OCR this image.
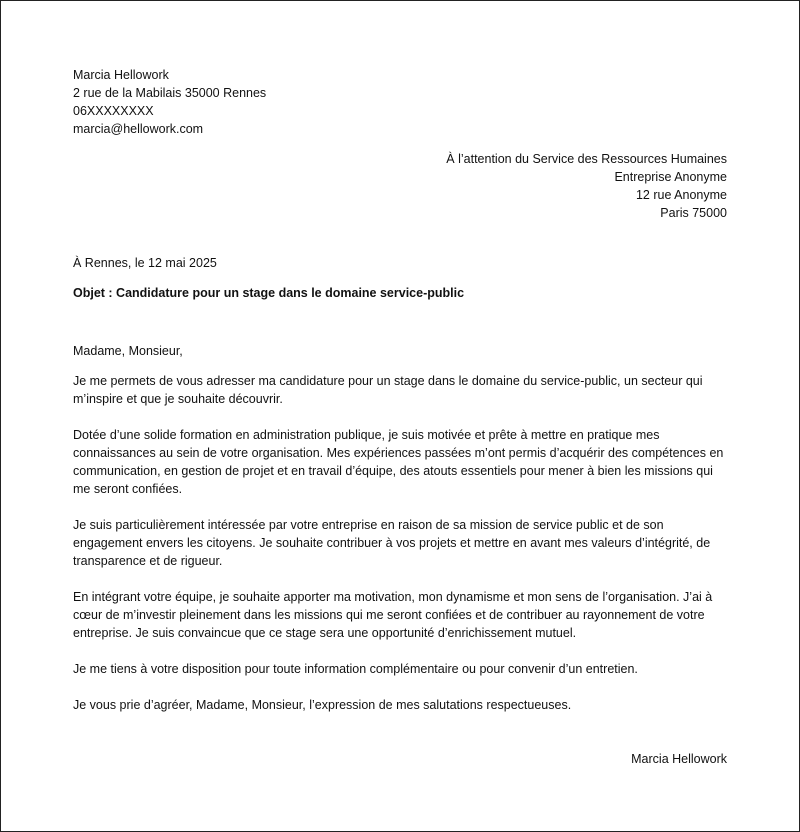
Marcia Hellowork
2 rue de la Mabilais 35000 Rennes
06XXXXXXXX
marcia@hellowork.com
À l’attention du Service des Ressources Humaines
Entreprise Anonyme
12 rue Anonyme
Paris 75000
À Rennes, le 12 mai 2025
Objet : Candidature pour un stage dans le domaine service-public
Madame, Monsieur,

Je me permets de vous adresser ma candidature pour un stage dans le domaine du service-public, un secteur qui m’inspire et que je souhaite découvrir.

Dotée d’une solide formation en administration publique, je suis motivée et prête à mettre en pratique mes connaissances au sein de votre organisation. Mes expériences passées m’ont permis d’acquérir des compétences en communication, en gestion de projet et en travail d’équipe, des atouts essentiels pour mener à bien les missions qui me seront confiées.

Je suis particulièrement intéressée par votre entreprise en raison de sa mission de service public et de son engagement envers les citoyens. Je souhaite contribuer à vos projets et mettre en avant mes valeurs d’intégrité, de transparence et de rigueur.

En intégrant votre équipe, je souhaite apporter ma motivation, mon dynamisme et mon sens de l’organisation. J’ai à cœur de m’investir pleinement dans les missions qui me seront confiées et de contribuer au rayonnement de votre entreprise. Je suis convaincue que ce stage sera une opportunité d’enrichissement mutuel.

Je me tiens à votre disposition pour toute information complémentaire ou pour convenir d’un entretien.

Je vous prie d’agréer, Madame, Monsieur, l’expression de mes salutations respectueuses.

Marcia Hellowork
